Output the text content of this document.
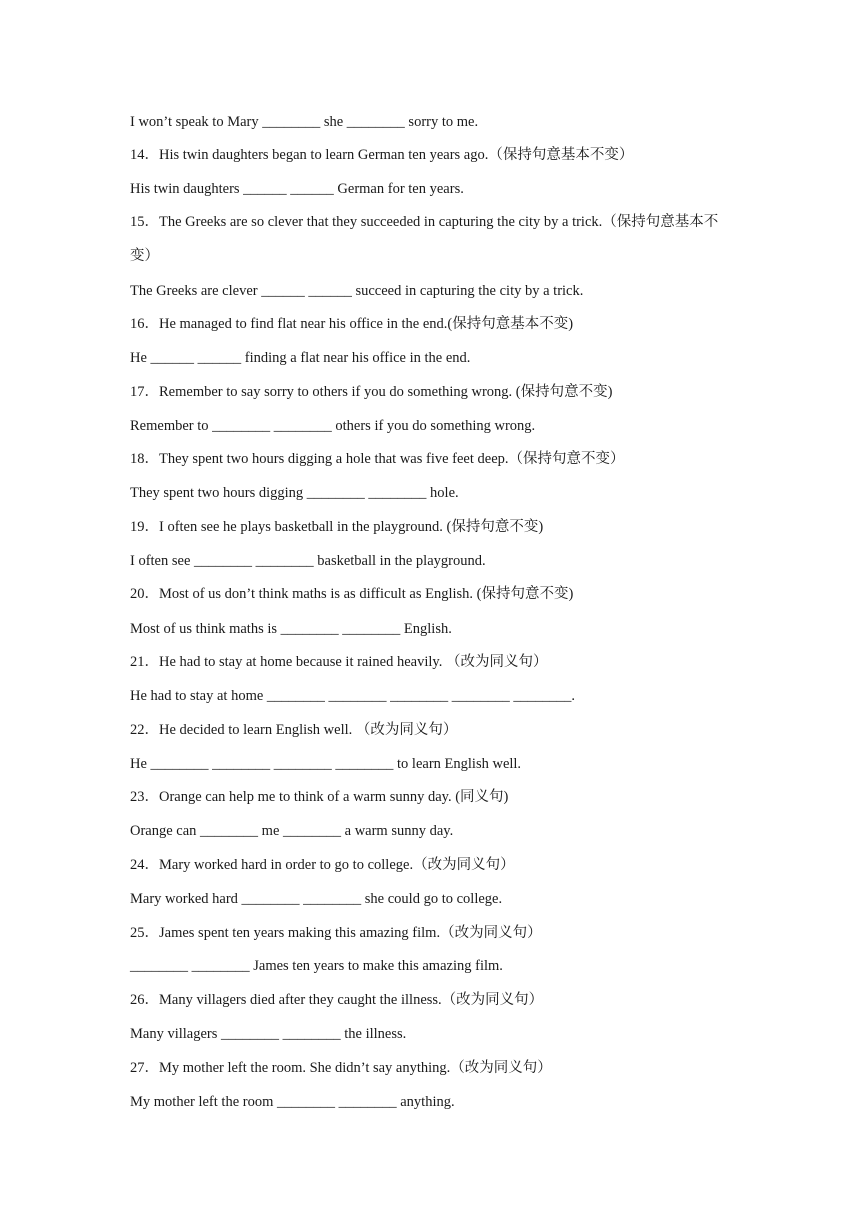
I won’t speak to Mary ________ she ________ sorry to me.
14．His twin daughters began to learn German ten years ago.（保持句意基本不变）
His twin daughters ______ ______ German for ten years.
15．The Greeks are so clever that they succeeded in capturing the city by a trick.（保持句意基本不变）
The Greeks are clever ______ ______ succeed in capturing the city by a trick.
16．He managed to find flat near his office in the end.(保持句意基本不变)
He ______ ______ finding a flat near his office in the end.
17．Remember to say sorry to others if you do something wrong. (保持句意不变)
Remember to ________ ________ others if you do something wrong.
18．They spent two hours digging a hole that was five feet deep.（保持句意不变）
They spent two hours digging ________ ________ hole.
19．I often see he plays basketball in the playground. (保持句意不变)
I often see ________ ________ basketball in the playground.
20．Most of us don’t think maths is as difficult as English. (保持句意不变)
Most of us think maths is ________ ________ English.
21．He had to stay at home because it rained heavily. （改为同义句）
He had to stay at home ________ ________ ________ ________ ________.
22．He decided to learn English well. （改为同义句）
He ________ ________ ________ ________ to learn English well.
23．Orange can help me to think of a warm sunny day. (同义句)
Orange can ________ me ________ a warm sunny day.
24．Mary worked hard in order to go to college.（改为同义句）
Mary worked hard ________ ________ she could go to college.
25．James spent ten years making this amazing film.（改为同义句）
________ ________ James ten years to make this amazing film.
26．Many villagers died after they caught the illness.（改为同义句）
Many villagers ________ ________ the illness.
27．My mother left the room. She didn’t say anything.（改为同义句）
My mother left the room ________ ________ anything.
